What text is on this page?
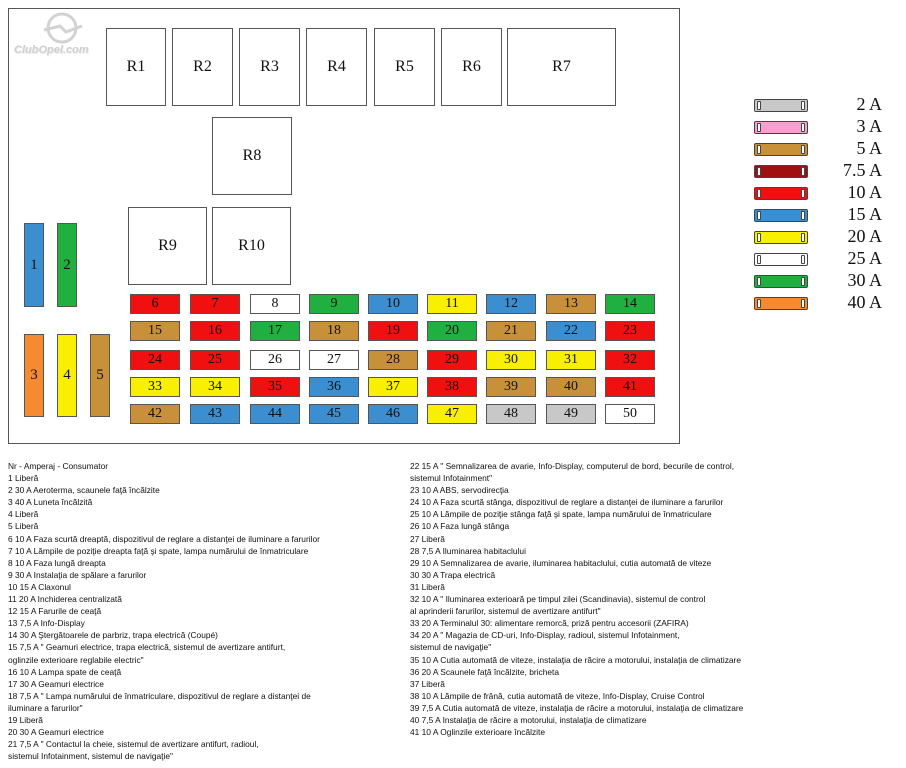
ClubOpel.com
R1	R2	R3	R4	R5	R6	R7
R8
R9	R10
1	2
3	4	5
6	7	8	9	10	11	12	13	14
15	16	17	18	19	20	21	22	23
24	25	26	27	28	29	30	31	32
33	34	35	36	37	38	39	40	41
42	43	44	45	46	47	48	49	50
2 A
3 A
5 A
7.5 A
10 A
15 A
20 A
25 A
30 A
40 A
Nr - Amperaj - Consumator
1 Liberă
2 30 A Aeroterma, scaunele faţă încălzite
3 40 A Luneta încălzită
4 Liberă
5 Liberă
6 10 A Faza scurtă dreaptă, dispozitivul de reglare a distanţei de iluminare a farurilor
7 10 A Lămpile de poziţie dreapta faţă şi spate, lampa numărului de înmatriculare
8 10 A Faza lungă dreapta
9 30 A Instalaţia de spălare a farurilor
10 15 A Claxonul
11 20 A Inchiderea centralizată
12 15 A Farurile de ceaţă
13 7,5 A Info-Display
14 30 A Ştergătoarele de parbriz, trapa electrică (Coupé)
15 7,5 A " Geamuri electrice, trapa electrică, sistemul de avertizare antifurt,
oglinzile exterioare reglabile electric"
16 10 A Lampa spate de ceaţă
17 30 A Geamuri electrice
18 7,5 A " Lampa numărului de înmatriculare, dispozitivul de reglare a distanţei de
iluminare a farurilor"
19 Liberă
20 30 A Geamuri electrice
21 7,5 A " Contactul la cheie, sistemul de avertizare antifurt, radioul,
sistemul Infotainment, sistemul de navigaţie"
22 15 A " Semnalizarea de avarie, Info-Display, computerul de bord, becurile de control,
sistemul Infotainment"
23 10 A ABS, servodirecţia
24 10 A Faza scurtă stânga, dispozitivul de reglare a distanţei de iluminare a farurilor
25 10 A Lămpile de poziţie stânga faţă şi spate, lampa numărului de înmatriculare
26 10 A Faza lungă stânga
27 Liberă
28 7,5 A Iluminarea habitaclului
29 10 A Semnalizarea de avarie, iluminarea habitaclului, cutia automată de viteze
30 30 A Trapa electrică
31 Liberă
32 10 A " Iluminarea exterioară pe timpul zilei (Scandinavia), sistemul de control
al aprinderii farurilor, sistemul de avertizare antifurt"
33 20 A Terminalul 30: alimentare remorcă, priză pentru accesorii (ZAFIRA)
34 20 A " Magazia de CD-uri, Info-Display, radioul, sistemul Infotainment,
sistemul de navigaţie"
35 10 A Cutia automată de viteze, instalaţia de răcire a motorului, instalaţia de climatizare
36 20 A Scaunele faţă încălzite, bricheta
37 Liberă
38 10 A Lămpile de frână, cutia automată de viteze, Info-Display, Cruise Control
39 7,5 A Cutia automată de viteze, instalaţia de răcire a motorului, instalaţia de climatizare
40 7,5 A Instalaţia de răcire a motorului, instalaţia de climatizare
41 10 A Oglinzile exterioare încălzite
